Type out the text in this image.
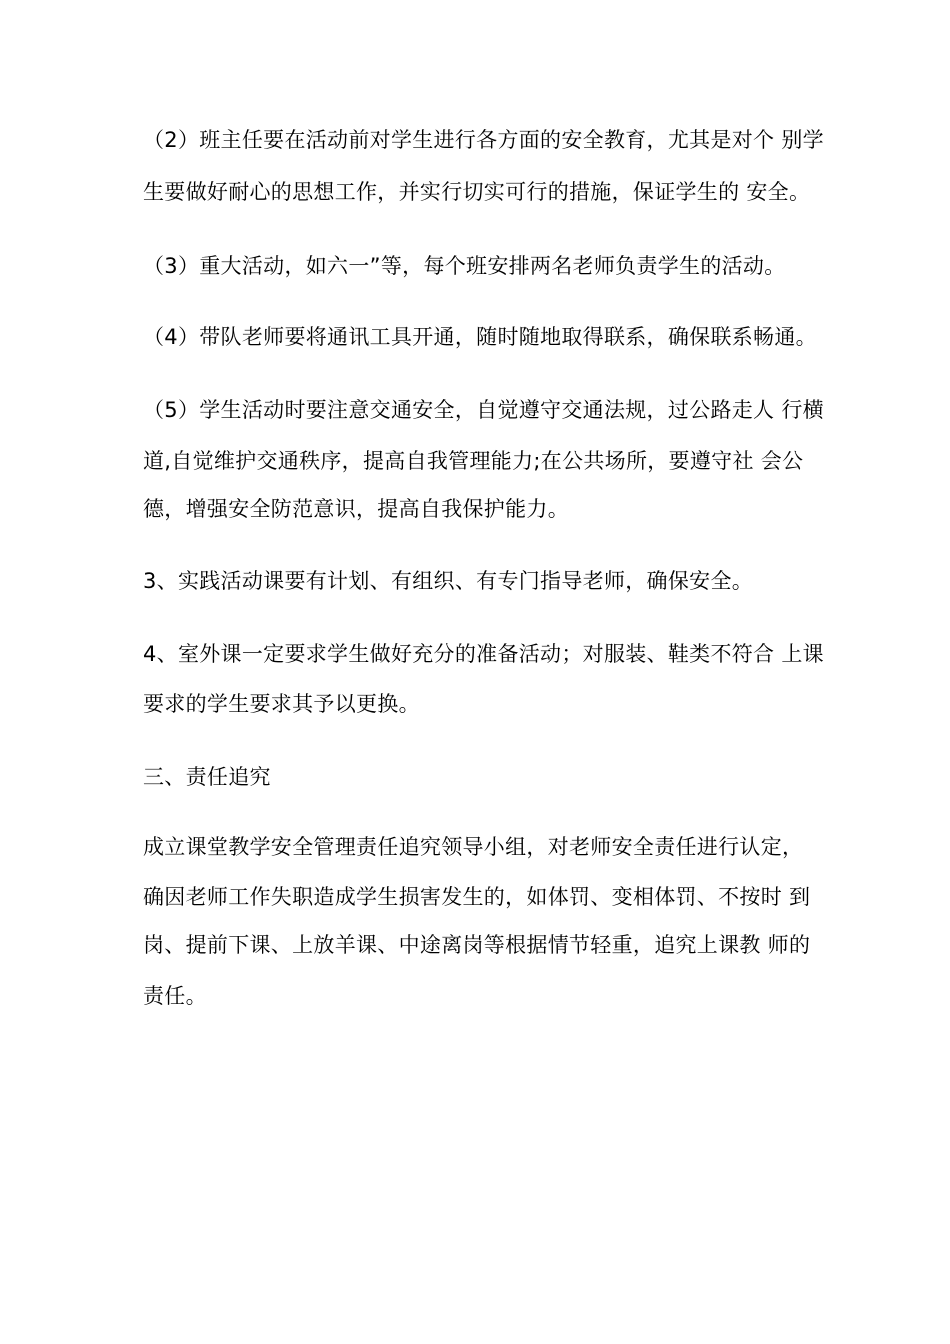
（2）班主任要在活动前对学生进行各方面的安全教育，尤其是对个 别学
生要做好耐心的思想工作，并实行切实可行的措施，保证学生的 安全。
（3）重大活动，如六一”等，每个班安排两名老师负责学生的活动。
（4）带队老师要将通讯工具开通，随时随地取得联系，确保联系畅通。
（5）学生活动时要注意交通安全，自觉遵守交通法规，过公路走人 行横
道,自觉维护交通秩序，提高自我管理能力;在公共场所，要遵守社 会公
德，增强安全防范意识，提高自我保护能力。
3、实践活动课要有计划、有组织、有专门指导老师，确保安全。
4、室外课一定要求学生做好充分的准备活动；对服装、鞋类不符合 上课
要求的学生要求其予以更换。
三、责任追究
成立课堂教学安全管理责任追究领导小组，对老师安全责任进行认定，
确因老师工作失职造成学生损害发生的，如体罚、变相体罚、不按时 到
岗、提前下课、上放羊课、中途离岗等根据情节轻重，追究上课教 师的
责任。
